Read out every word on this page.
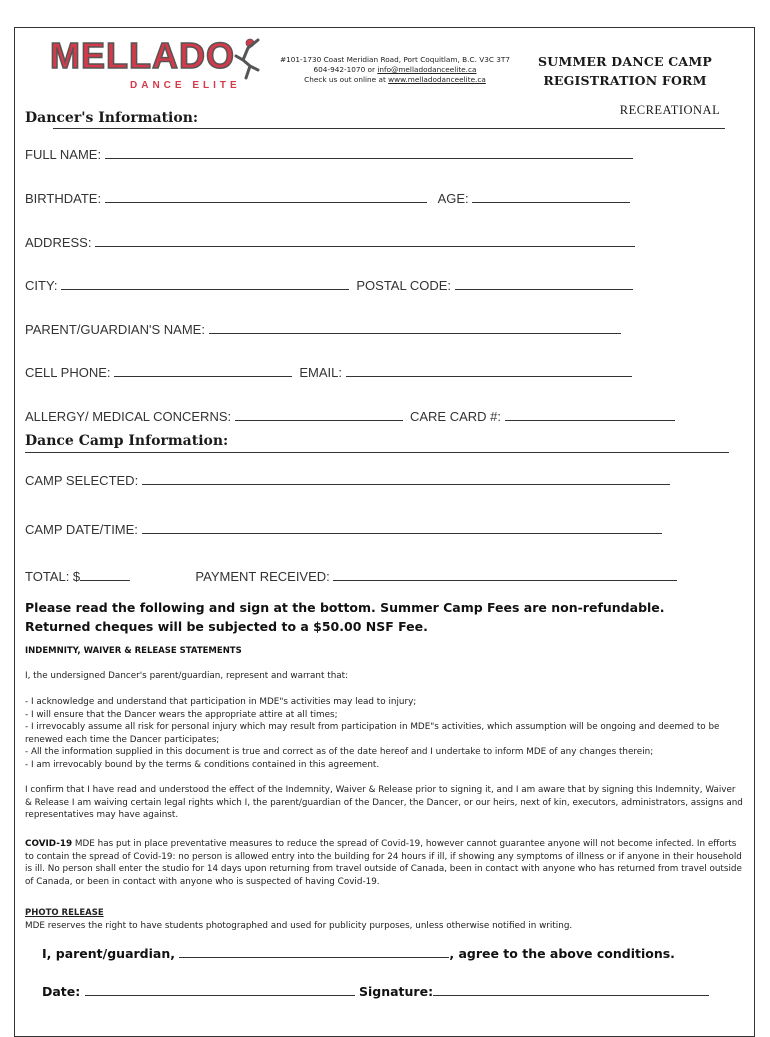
MELLADO
DANCE ELITE
#101-1730 Coast Meridian Road, Port Coquitlam, B.C. V3C 3T7
604-942-1070 or info@melladodanceelite.ca
Check us out online at www.melladodanceelite.ca
SUMMER DANCE CAMP
REGISTRATION FORM
RECREATIONAL
Dancer's Information:
FULL NAME:
BIRTHDATE:	AGE:
ADDRESS:
CITY:	POSTAL CODE:
PARENT/GUARDIAN'S NAME:
CELL PHONE:	EMAIL:
ALLERGY/ MEDICAL CONCERNS:	CARE CARD #:
Dance Camp Information:
CAMP SELECTED:
CAMP DATE/TIME:
TOTAL: $	PAYMENT RECEIVED:
Please read the following and sign at the bottom. Summer Camp Fees are non-refundable. Returned cheques will be subjected to a $50.00 NSF Fee.
INDEMNITY, WAIVER & RELEASE STATEMENTS
I, the undersigned Dancer's parent/guardian, represent and warrant that:
- I acknowledge and understand that participation in MDE"s activities may lead to injury;
- I will ensure that the Dancer wears the appropriate attire at all times;
- I irrevocably assume all risk for personal injury which may result from participation in MDE"s activities, which assumption will be ongoing and deemed to be renewed each time the Dancer participates;
- All the information supplied in this document is true and correct as of the date hereof and I undertake to inform MDE of any changes therein;
- I am irrevocably bound by the terms & conditions contained in this agreement.
I confirm that I have read and understood the effect of the Indemnity, Waiver & Release prior to signing it, and I am aware that by signing this Indemnity, Waiver & Release I am waiving certain legal rights which I, the parent/guardian of the Dancer, the Dancer, or our heirs, next of kin, executors, administrators, assigns and representatives may have against.
COVID-19 MDE has put in place preventative measures to reduce the spread of Covid-19, however cannot guarantee anyone will not become infected. In efforts to contain the spread of Covid-19: no person is allowed entry into the building for 24 hours if ill, if showing any symptoms of illness or if anyone in their household is ill. No person shall enter the studio for 14 days upon returning from travel outside of Canada, been in contact with anyone who has returned from travel outside of Canada, or been in contact with anyone who is suspected of having Covid-19.
PHOTO RELEASE
MDE reserves the right to have students photographed and used for publicity purposes, unless otherwise notified in writing.
I, parent/guardian,	, agree to the above conditions.
Date:	Signature:
